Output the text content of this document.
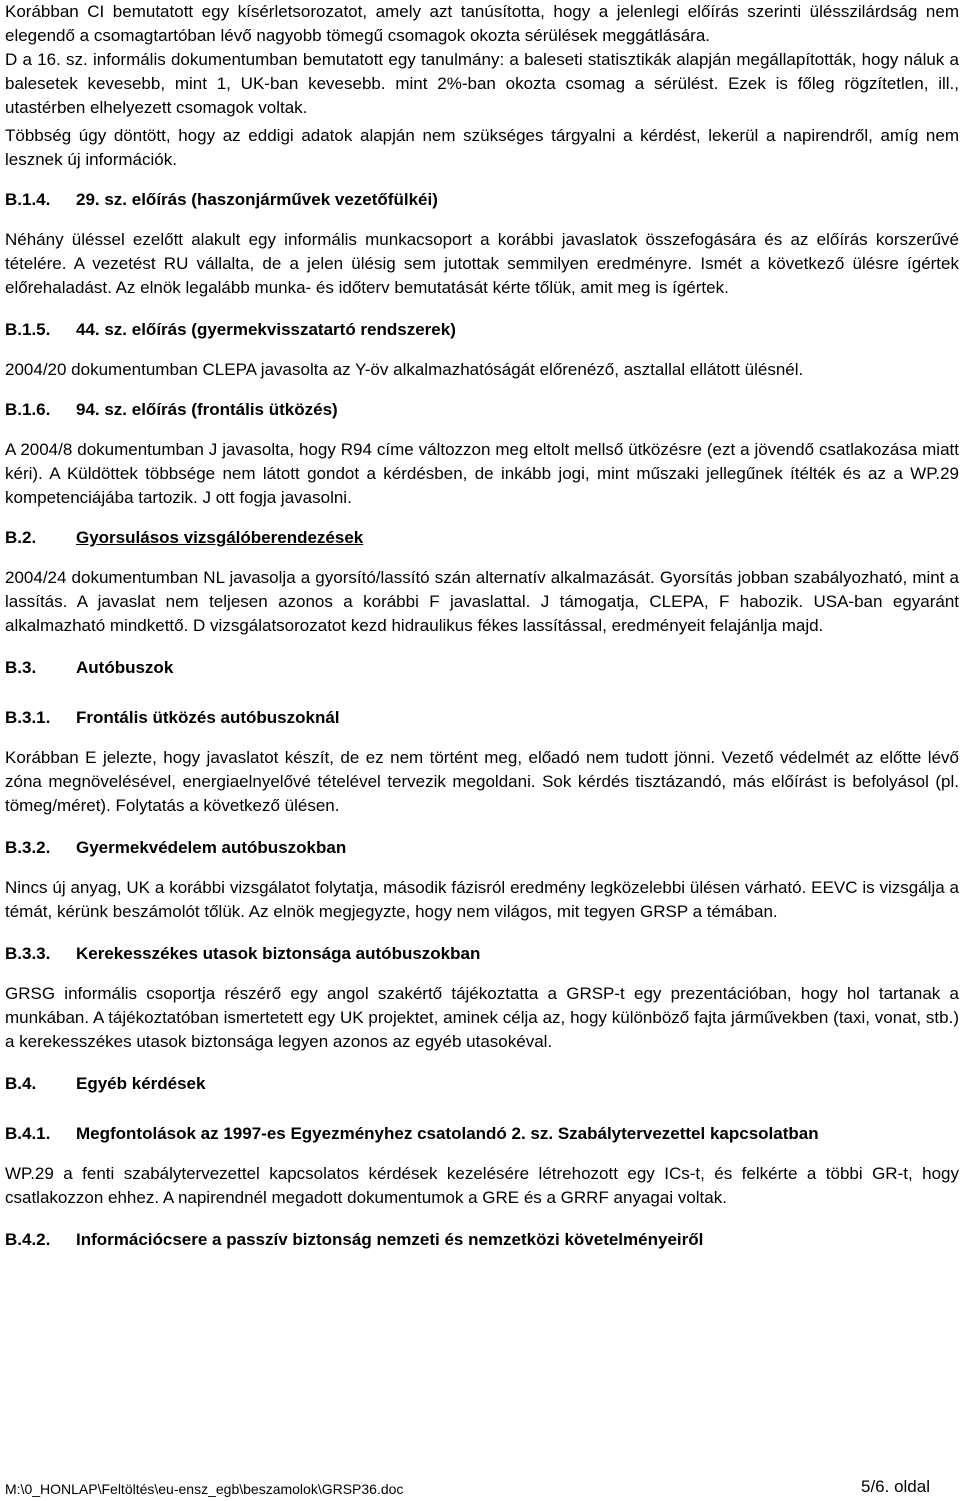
Korábban CI bemutatott egy kísérletsorozatot, amely azt tanúsította, hogy a jelenlegi előírás szerinti ülésszilárdság nem elegendő a csomagtartóban lévő nagyobb tömegű csomagok okozta sérülések meggátlására.

D a 16. sz. informális dokumentumban bemutatott egy tanulmány: a baleseti statisztikák alapján megállapították, hogy náluk a balesetek kevesebb, mint 1, UK-ban kevesebb. mint 2%-ban okozta csomag a sérülést. Ezek is főleg rögzítetlen, ill., utastérben elhelyezett csomagok voltak.

Többség úgy döntött, hogy az eddigi adatok alapján nem szükséges tárgyalni a kérdést, lekerül a napirendről, amíg nem lesznek új információk.

B.1.4.	29. sz. előírás (haszonjárművek vezetőfülkéi)

Néhány üléssel ezelőtt alakult egy informális munkacsoport a korábbi javaslatok összefogására és az előírás korszerűvé tételére. A vezetést RU vállalta, de a jelen ülésig sem jutottak semmilyen eredményre. Ismét a következő ülésre ígértek előrehaladást. Az elnök legalább munka- és időterv bemutatását kérte tőlük, amit meg is ígértek.

B.1.5.	44. sz. előírás (gyermekvisszatartó rendszerek)

2004/20 dokumentumban CLEPA javasolta az Y-öv alkalmazhatóságát előrenéző, asztallal ellátott ülésnél.

B.1.6.	94. sz. előírás (frontális ütközés)

A 2004/8 dokumentumban J javasolta, hogy R94 címe változzon meg eltolt mellső ütközésre (ezt a jövendő csatlakozása miatt kéri). A Küldöttek többsége nem látott gondot a kérdésben, de inkább jogi, mint műszaki jellegűnek ítélték és az a WP.29 kompetenciájába tartozik. J ott fogja javasolni.

B.2.	Gyorsulásos vizsgálóberendezések

2004/24 dokumentumban NL javasolja a gyorsító/lassító szán alternatív alkalmazását. Gyorsítás jobban szabályozható, mint a lassítás. A javaslat nem teljesen azonos a korábbi F javaslattal. J támogatja, CLEPA, F habozik. USA-ban egyaránt alkalmazható mindkettő. D vizsgálatsorozatot kezd hidraulikus fékes lassítással, eredményeit felajánlja majd.

B.3.	Autóbuszok
B.3.1.	Frontális ütközés autóbuszoknál

Korábban E jelezte, hogy javaslatot készít, de ez nem történt meg, előadó nem tudott jönni. Vezető védelmét az előtte lévő zóna megnövelésével, energiaelnyelővé tételével tervezik megoldani. Sok kérdés tisztázandó, más előírást is befolyásol (pl. tömeg/méret). Folytatás a következő ülésen.

B.3.2.	Gyermekvédelem autóbuszokban

Nincs új anyag, UK a korábbi vizsgálatot folytatja, második fázisról eredmény legközelebbi ülésen várható. EEVC is vizsgálja a témát, kérünk beszámolót tőlük. Az elnök megjegyzte, hogy nem világos, mit tegyen GRSP a témában.

B.3.3.	Kerekesszékes utasok biztonsága autóbuszokban

GRSG informális csoportja részérő egy angol szakértő tájékoztatta a GRSP-t egy prezentációban, hogy hol tartanak a munkában. A tájékoztatóban ismertetett egy UK projektet, aminek célja az, hogy különböző fajta járművekben (taxi, vonat, stb.) a kerekesszékes utasok biztonsága legyen azonos az egyéb utasokéval.

B.4.	Egyéb kérdések
B.4.1.	Megfontolások az 1997-es Egyezményhez csatolandó 2. sz. Szabálytervezettel kapcsolatban

WP.29 a fenti szabálytervezettel kapcsolatos kérdések kezelésére létrehozott egy ICs-t, és felkérte a többi GR-t, hogy csatlakozzon ehhez. A napirendnél megadott dokumentumok a GRE és a GRRF anyagai voltak.

B.4.2.	Információcsere a passzív biztonság nemzeti és nemzetközi követelményeiről
M:\0_HONLAP\Feltöltés\eu-ensz_egb\beszamolok\GRSP36.doc	5/6. oldal
